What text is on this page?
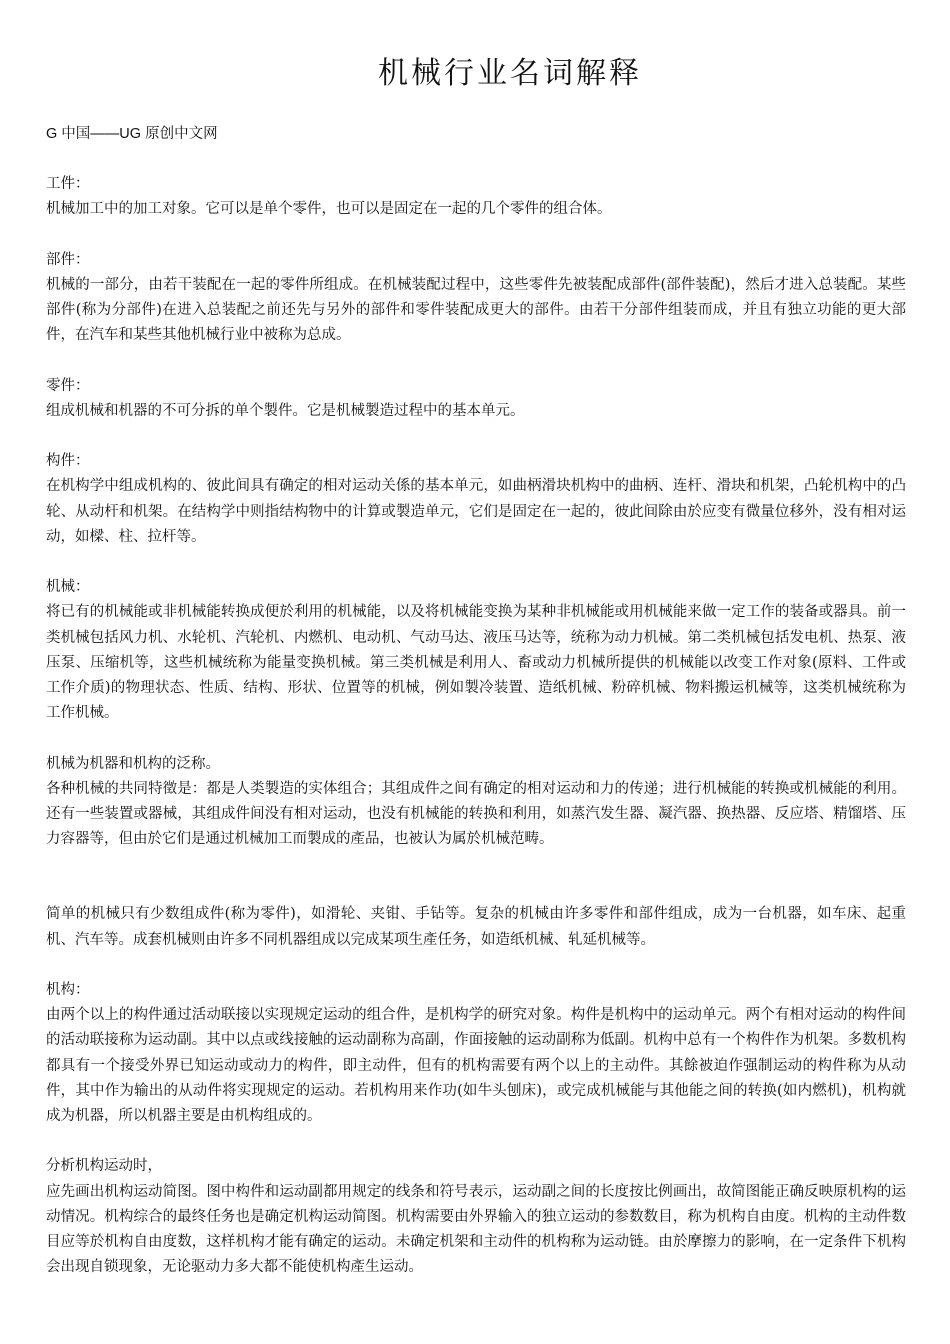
机械行业名词解释
G 中国——UG 原创中文网

工件：

机械加工中的加工对象。它可以是单个零件，也可以是固定在一起的几个零件的组合体。

部件：

机械的一部分，由若干装配在一起的零件所组成。在机械装配过程中，这些零件先被装配成部件(部件装配)，然后才进入总装配。某些部件(称为分部件)在进入总装配之前还先与另外的部件和零件装配成更大的部件。由若干分部件组装而成，并且有独立功能的更大部件，在汽车和某些其他机械行业中被称为总成。

零件：

组成机械和机器的不可分拆的单个製件。它是机械製造过程中的基本单元。

构件：

在机构学中组成机构的、彼此间具有确定的相对运动关係的基本单元，如曲柄滑块机构中的曲柄、连杆、滑块和机架，凸轮机构中的凸轮、从动杆和机架。在结构学中则指结构物中的计算或製造单元，它们是固定在一起的，彼此间除由於应变有微量位移外，没有相对运动，如樑、柱、拉杆等。

机械：

将已有的机械能或非机械能转换成便於利用的机械能，以及将机械能变换为某种非机械能或用机械能来做一定工作的装备或器具。前一类机械包括风力机、水轮机、汽轮机、内燃机、电动机、气动马达、液压马达等，统称为动力机械。第二类机械包括发电机、热泵、液压泵、压缩机等，这些机械统称为能量变换机械。第三类机械是利用人、畜或动力机械所提供的机械能以改变工作对象(原料、工件或工作介质)的物理状态、性质、结构、形状、位置等的机械，例如製冷装置、造纸机械、粉碎机械、物料搬运机械等，这类机械统称为工作机械。

机械为机器和机构的泛称。

各种机械的共同特徵是：都是人类製造的实体组合；其组成件之间有确定的相对运动和力的传递；进行机械能的转换或机械能的利用。还有一些装置或器械，其组成件间没有相对运动，也没有机械能的转换和利用，如蒸汽发生器、凝汽器、换热器、反应塔、精馏塔、压力容器等，但由於它们是通过机械加工而製成的產品，也被认为属於机械范畴。

简单的机械只有少数组成件(称为零件)，如滑轮、夹钳、手钻等。复杂的机械由许多零件和部件组成，成为一台机器，如车床、起重机、汽车等。成套机械则由许多不同机器组成以完成某项生產任务，如造纸机械、轧延机械等。

机构：

由两个以上的构件通过活动联接以实现规定运动的组合件，是机构学的研究对象。构件是机构中的运动单元。两个有相对运动的构件间的活动联接称为运动副。其中以点或线接触的运动副称为高副，作面接触的运动副称为低副。机构中总有一个构件作为机架。多数机构都具有一个接受外界已知运动或动力的构件，即主动件，但有的机构需要有两个以上的主动件。其餘被迫作强制运动的构件称为从动件，其中作为输出的从动件将实现规定的运动。若机构用来作功(如牛头刨床)，或完成机械能与其他能之间的转换(如内燃机)，机构就成为机器，所以机器主要是由机构组成的。

分析机构运动时，

应先画出机构运动简图。图中构件和运动副都用规定的线条和符号表示，运动副之间的长度按比例画出，故简图能正确反映原机构的运动情况。机构综合的最终任务也是确定机构运动简图。机构需要由外界输入的独立运动的参数数目，称为机构自由度。机构的主动件数目应等於机构自由度数，这样机构才能有确定的运动。未确定机架和主动件的机构称为运动链。由於摩擦力的影响，在一定条件下机构会出现自锁现象，无论驱动力多大都不能使机构產生运动。
